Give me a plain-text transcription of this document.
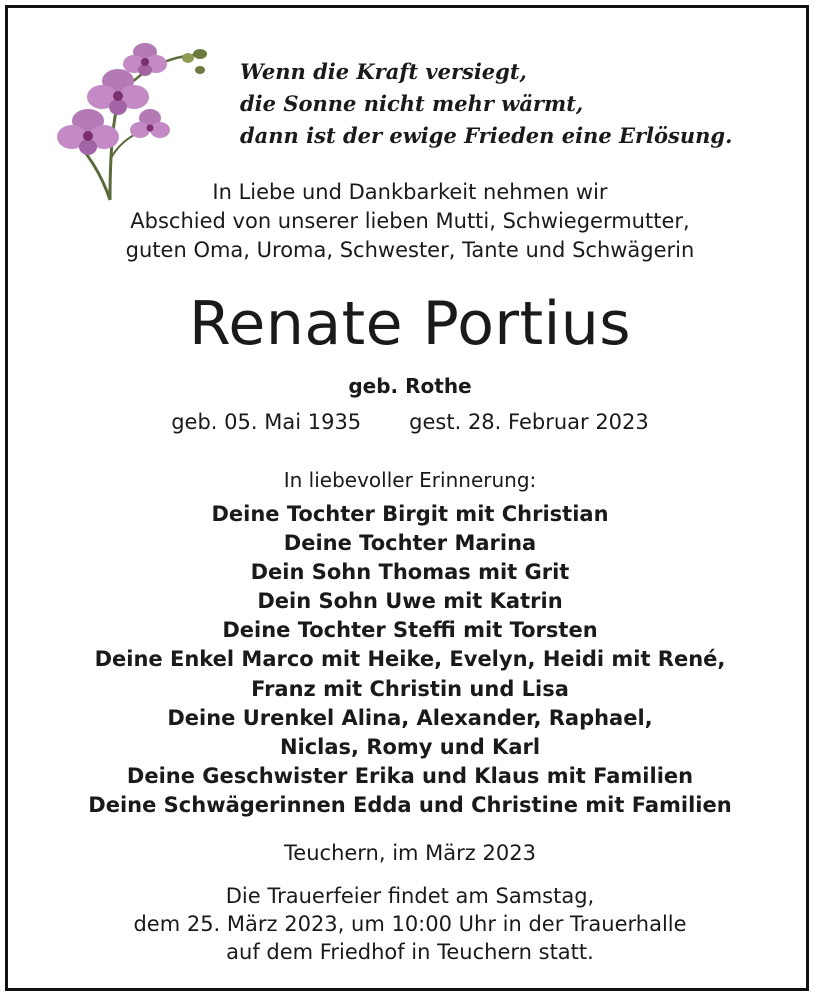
Wenn die Kraft versiegt,
die Sonne nicht mehr wärmt,
dann ist der ewige Frieden eine Erlösung.
In Liebe und Dankbarkeit nehmen wir
Abschied von unserer lieben Mutti, Schwiegermutter,
guten Oma, Uroma, Schwester, Tante und Schwägerin
Renate Portius
geb. Rothe
geb. 05. Mai 1935 gest. 28. Februar 2023
In liebevoller Erinnerung:
Deine Tochter Birgit mit Christian
Deine Tochter Marina
Dein Sohn Thomas mit Grit
Dein Sohn Uwe mit Katrin
Deine Tochter Steffi mit Torsten
Deine Enkel Marco mit Heike, Evelyn, Heidi mit René,
Franz mit Christin und Lisa
Deine Urenkel Alina, Alexander, Raphael,
Niclas, Romy und Karl
Deine Geschwister Erika und Klaus mit Familien
Deine Schwägerinnen Edda und Christine mit Familien
Teuchern, im März 2023
Die Trauerfeier findet am Samstag,
dem 25. März 2023, um 10:00 Uhr in der Trauerhalle
auf dem Friedhof in Teuchern statt.
